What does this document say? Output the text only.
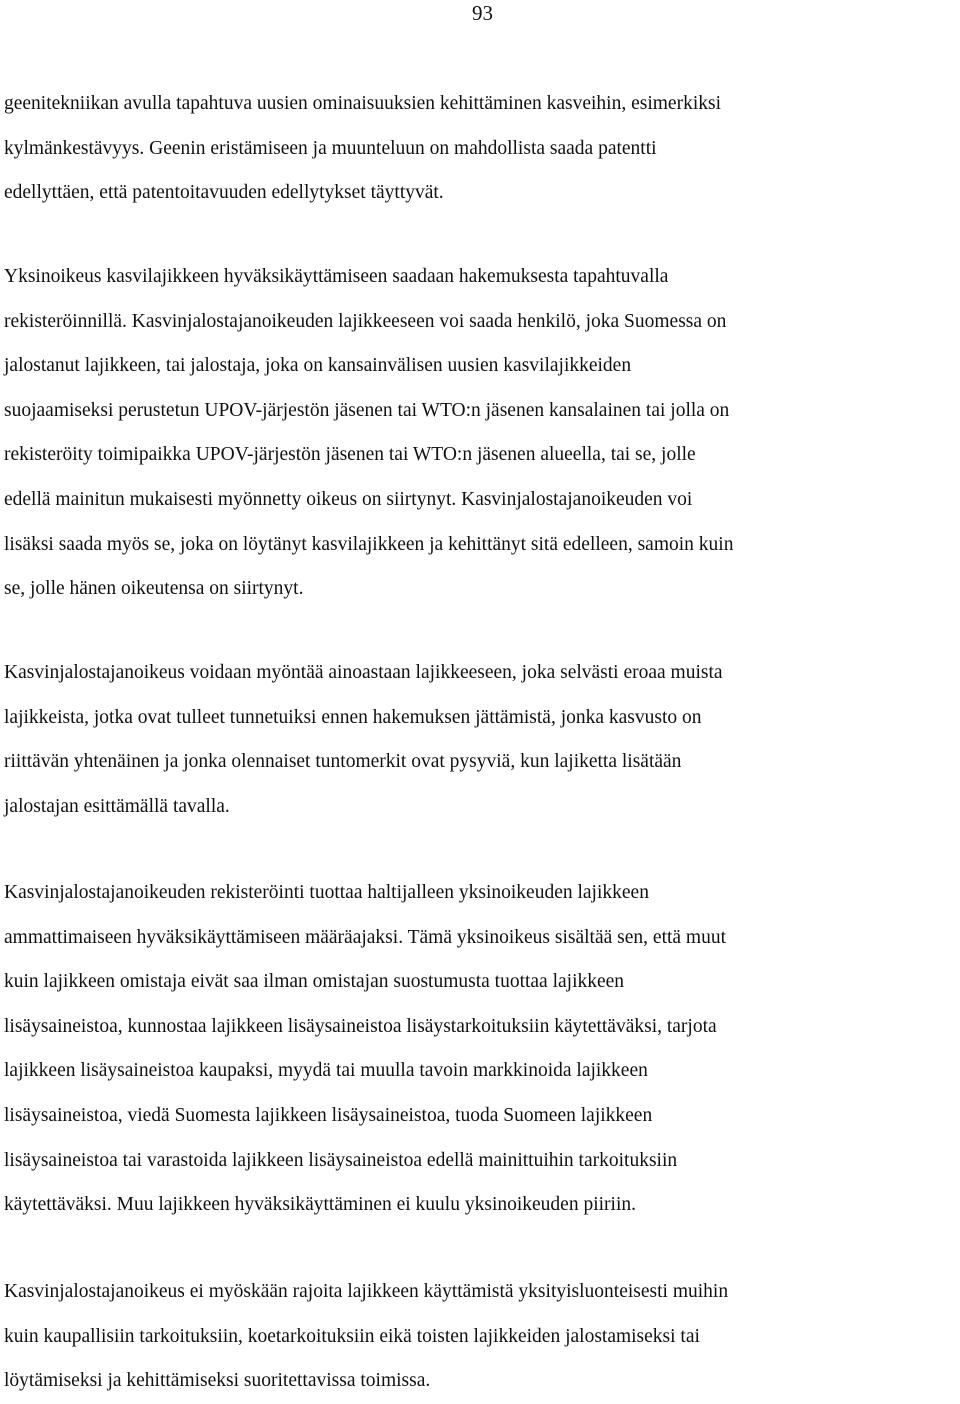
93

geenitekniikan avulla tapahtuva uusien ominaisuuksien kehittäminen kasveihin, esimerkiksi
kylmänkestävyys. Geenin eristämiseen ja muunteluun on mahdollista saada patentti
edellyttäen, että patentoitavuuden edellytykset täyttyvät.

Yksinoikeus kasvilajikkeen hyväksikäyttämiseen saadaan hakemuksesta tapahtuvalla
rekisteröinnillä. Kasvinjalostajanoikeuden lajikkeeseen voi saada henkilö, joka Suomessa on
jalostanut lajikkeen, tai jalostaja, joka on kansainvälisen uusien kasvilajikkeiden
suojaamiseksi perustetun UPOV-järjestön jäsenen tai WTO:n jäsenen kansalainen tai jolla on
rekisteröity toimipaikka UPOV-järjestön jäsenen tai WTO:n jäsenen alueella, tai se, jolle
edellä mainitun mukaisesti myönnetty oikeus on siirtynyt. Kasvinjalostajanoikeuden voi
lisäksi saada myös se, joka on löytänyt kasvilajikkeen ja kehittänyt sitä edelleen, samoin kuin
se, jolle hänen oikeutensa on siirtynyt.

Kasvinjalostajanoikeus voidaan myöntää ainoastaan lajikkeeseen, joka selvästi eroaa muista
lajikkeista, jotka ovat tulleet tunnetuiksi ennen hakemuksen jättämistä, jonka kasvusto on
riittävän yhtenäinen ja jonka olennaiset tuntomerkit ovat pysyviä, kun lajiketta lisätään
jalostajan esittämällä tavalla.

Kasvinjalostajanoikeuden rekisteröinti tuottaa haltijalleen yksinoikeuden lajikkeen
ammattimaiseen hyväksikäyttämiseen määräajaksi. Tämä yksinoikeus sisältää sen, että muut
kuin lajikkeen omistaja eivät saa ilman omistajan suostumusta tuottaa lajikkeen
lisäysaineistoa, kunnostaa lajikkeen lisäysaineistoa lisäystarkoituksiin käytettäväksi, tarjota
lajikkeen lisäysaineistoa kaupaksi, myydä tai muulla tavoin markkinoida lajikkeen
lisäysaineistoa, viedä Suomesta lajikkeen lisäysaineistoa, tuoda Suomeen lajikkeen
lisäysaineistoa tai varastoida lajikkeen lisäysaineistoa edellä mainittuihin tarkoituksiin
käytettäväksi. Muu lajikkeen hyväksikäyttäminen ei kuulu yksinoikeuden piiriin.

Kasvinjalostajanoikeus ei myöskään rajoita lajikkeen käyttämistä yksityisluonteisesti muihin
kuin kaupallisiin tarkoituksiin, koetarkoituksiin eikä toisten lajikkeiden jalostamiseksi tai
löytämiseksi ja kehittämiseksi suoritettavissa toimissa.
